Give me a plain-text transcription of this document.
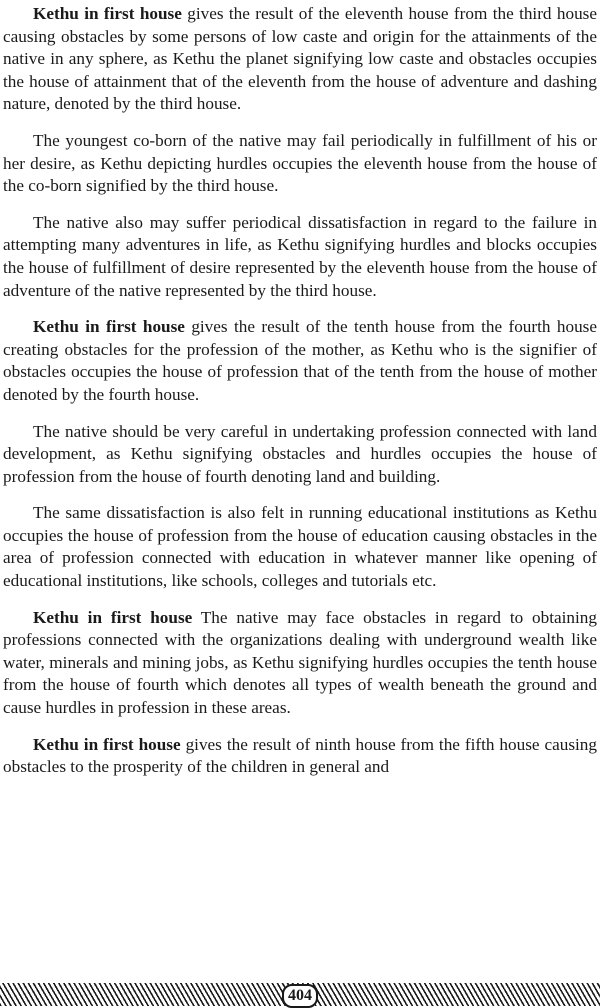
Kethu in first house gives the result of the eleventh house from the third house causing obstacles by some persons of low caste and origin for the attainments of the native in any sphere, as Kethu the planet signifying low caste and obstacles occupies the house of attainment that of the eleventh from the house of adventure and dashing nature, denoted by the third house.

The youngest co-born of the native may fail periodically in fulfillment of his or her desire, as Kethu depicting hurdles occupies the eleventh house from the house of the co-born signified by the third house.

The native also may suffer periodical dissatisfaction in regard to the failure in attempting many adventures in life, as Kethu signifying hurdles and blocks occupies the house of fulfillment of desire represented by the eleventh house from the house of adventure of the native represented by the third house.

Kethu in first house gives the result of the tenth house from the fourth house creating obstacles for the profession of the mother, as Kethu who is the signifier of obstacles occupies the house of profession that of the tenth from the house of mother denoted by the fourth house.

The native should be very careful in undertaking profession connected with land development, as Kethu signifying obstacles and hurdles occupies the house of profession from the house of fourth denoting land and building.

The same dissatisfaction is also felt in running educational institutions as Kethu occupies the house of profession from the house of education causing obstacles in the area of profession connected with education in whatever manner like opening of educational institutions, like schools, colleges and tutorials etc.

Kethu in first house The native may face obstacles in regard to obtaining professions connected with the organizations dealing with underground wealth like water, minerals and mining jobs, as Kethu signifying hurdles occupies the tenth house from the house of fourth which denotes all types of wealth beneath the ground and cause hurdles in profession in these areas.

Kethu in first house gives the result of ninth house from the fifth house causing obstacles to the prosperity of the children in general and

404
